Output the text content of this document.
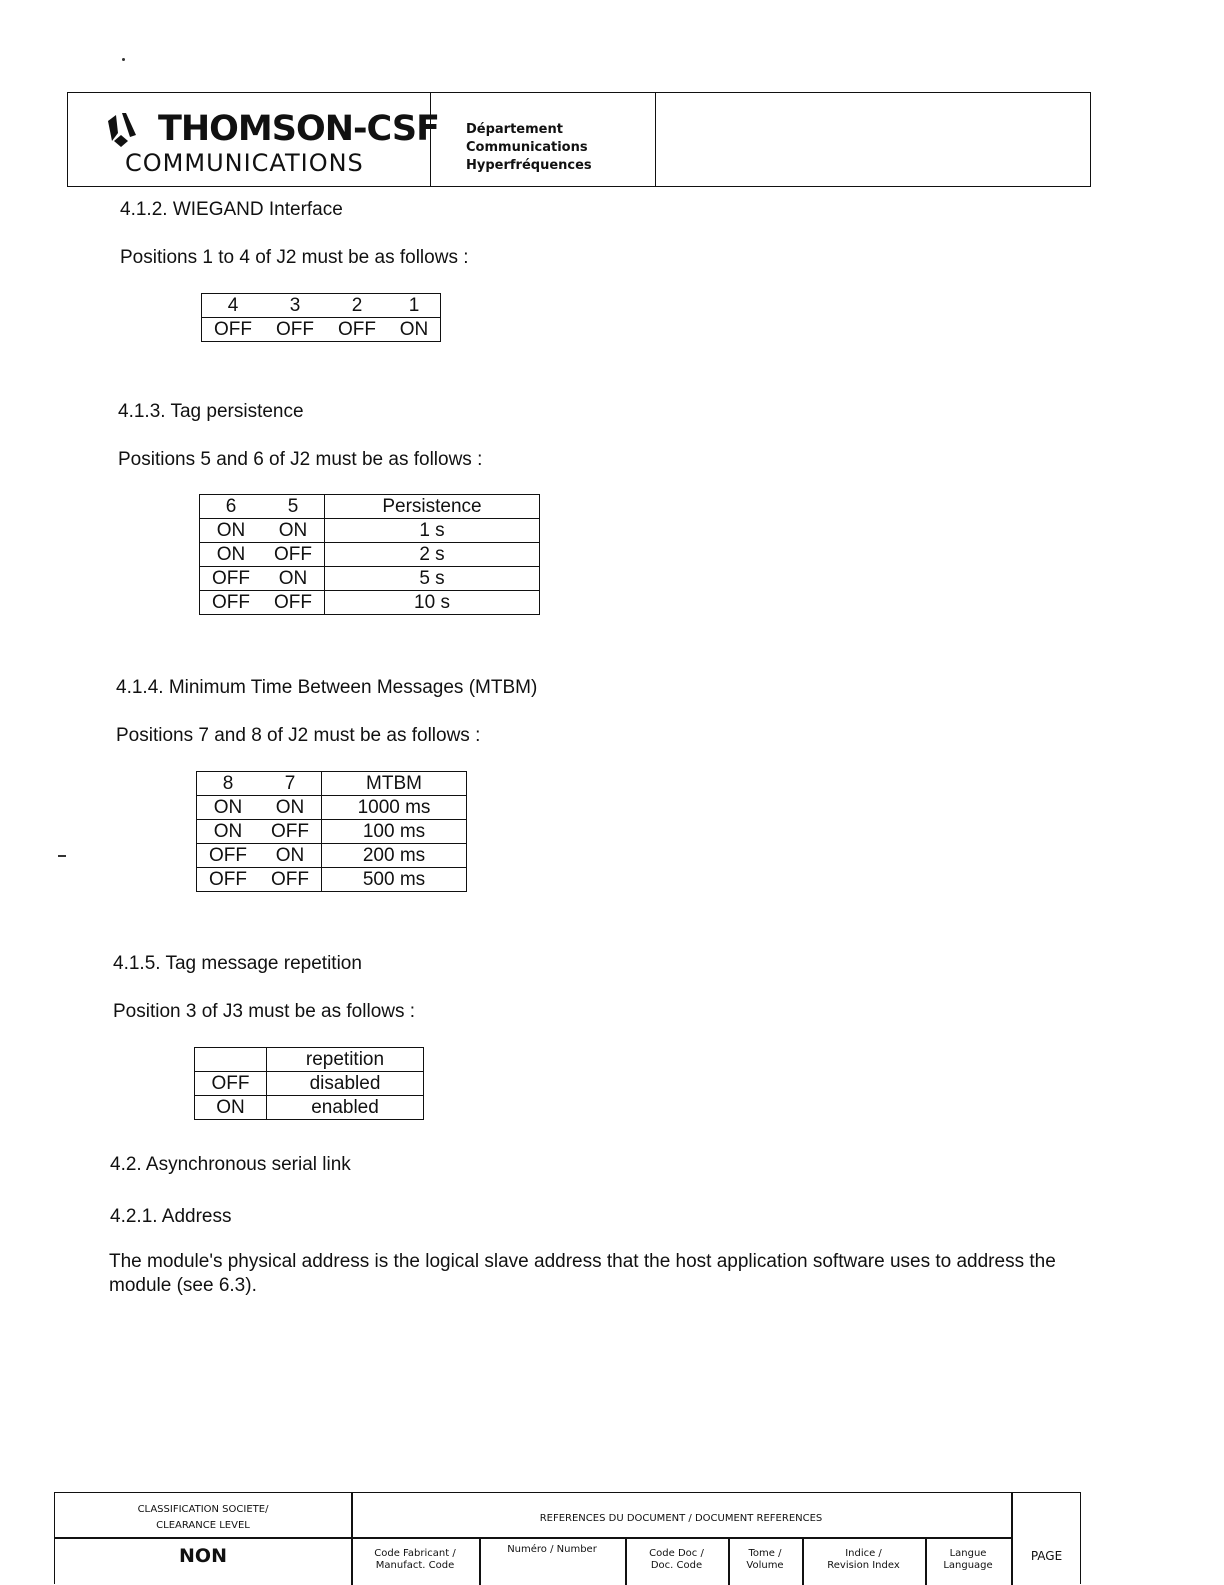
THOMSON-CSF
COMMUNICATIONS
Département
Communications
Hyperfréquences
4.1.2. WIEGAND Interface
Positions 1 to 4 of J2 must be as follows :
4	3	2	1
OFF	OFF	OFF	ON
4.1.3. Tag persistence
Positions 5 and 6 of J2 must be as follows :
6	5	Persistence
ON	ON	1 s
ON	OFF	2 s
OFF	ON	5 s
OFF	OFF	10 s
4.1.4. Minimum Time Between Messages (MTBM)
Positions 7 and 8 of J2 must be as follows :
8	7	MTBM
ON	ON	1000 ms
ON	OFF	100 ms
OFF	ON	200 ms
OFF	OFF	500 ms
4.1.5. Tag message repetition
Position 3 of J3 must be as follows :
	repetition
OFF	disabled
ON	enabled
4.2. Asynchronous serial link
4.2.1. Address
The module's physical address is the logical slave address that the host application software uses to address the module (see 6.3).
CLASSIFICATION SOCIETE/
CLEARANCE LEVEL
NON
REFERENCES DU DOCUMENT / DOCUMENT REFERENCES
Code Fabricant /
Manufact. Code
Numéro / Number	Code Doc /
Doc. Code
Tome /
Volume
Indice /
Revision Index
Langue
Language
PAGE
